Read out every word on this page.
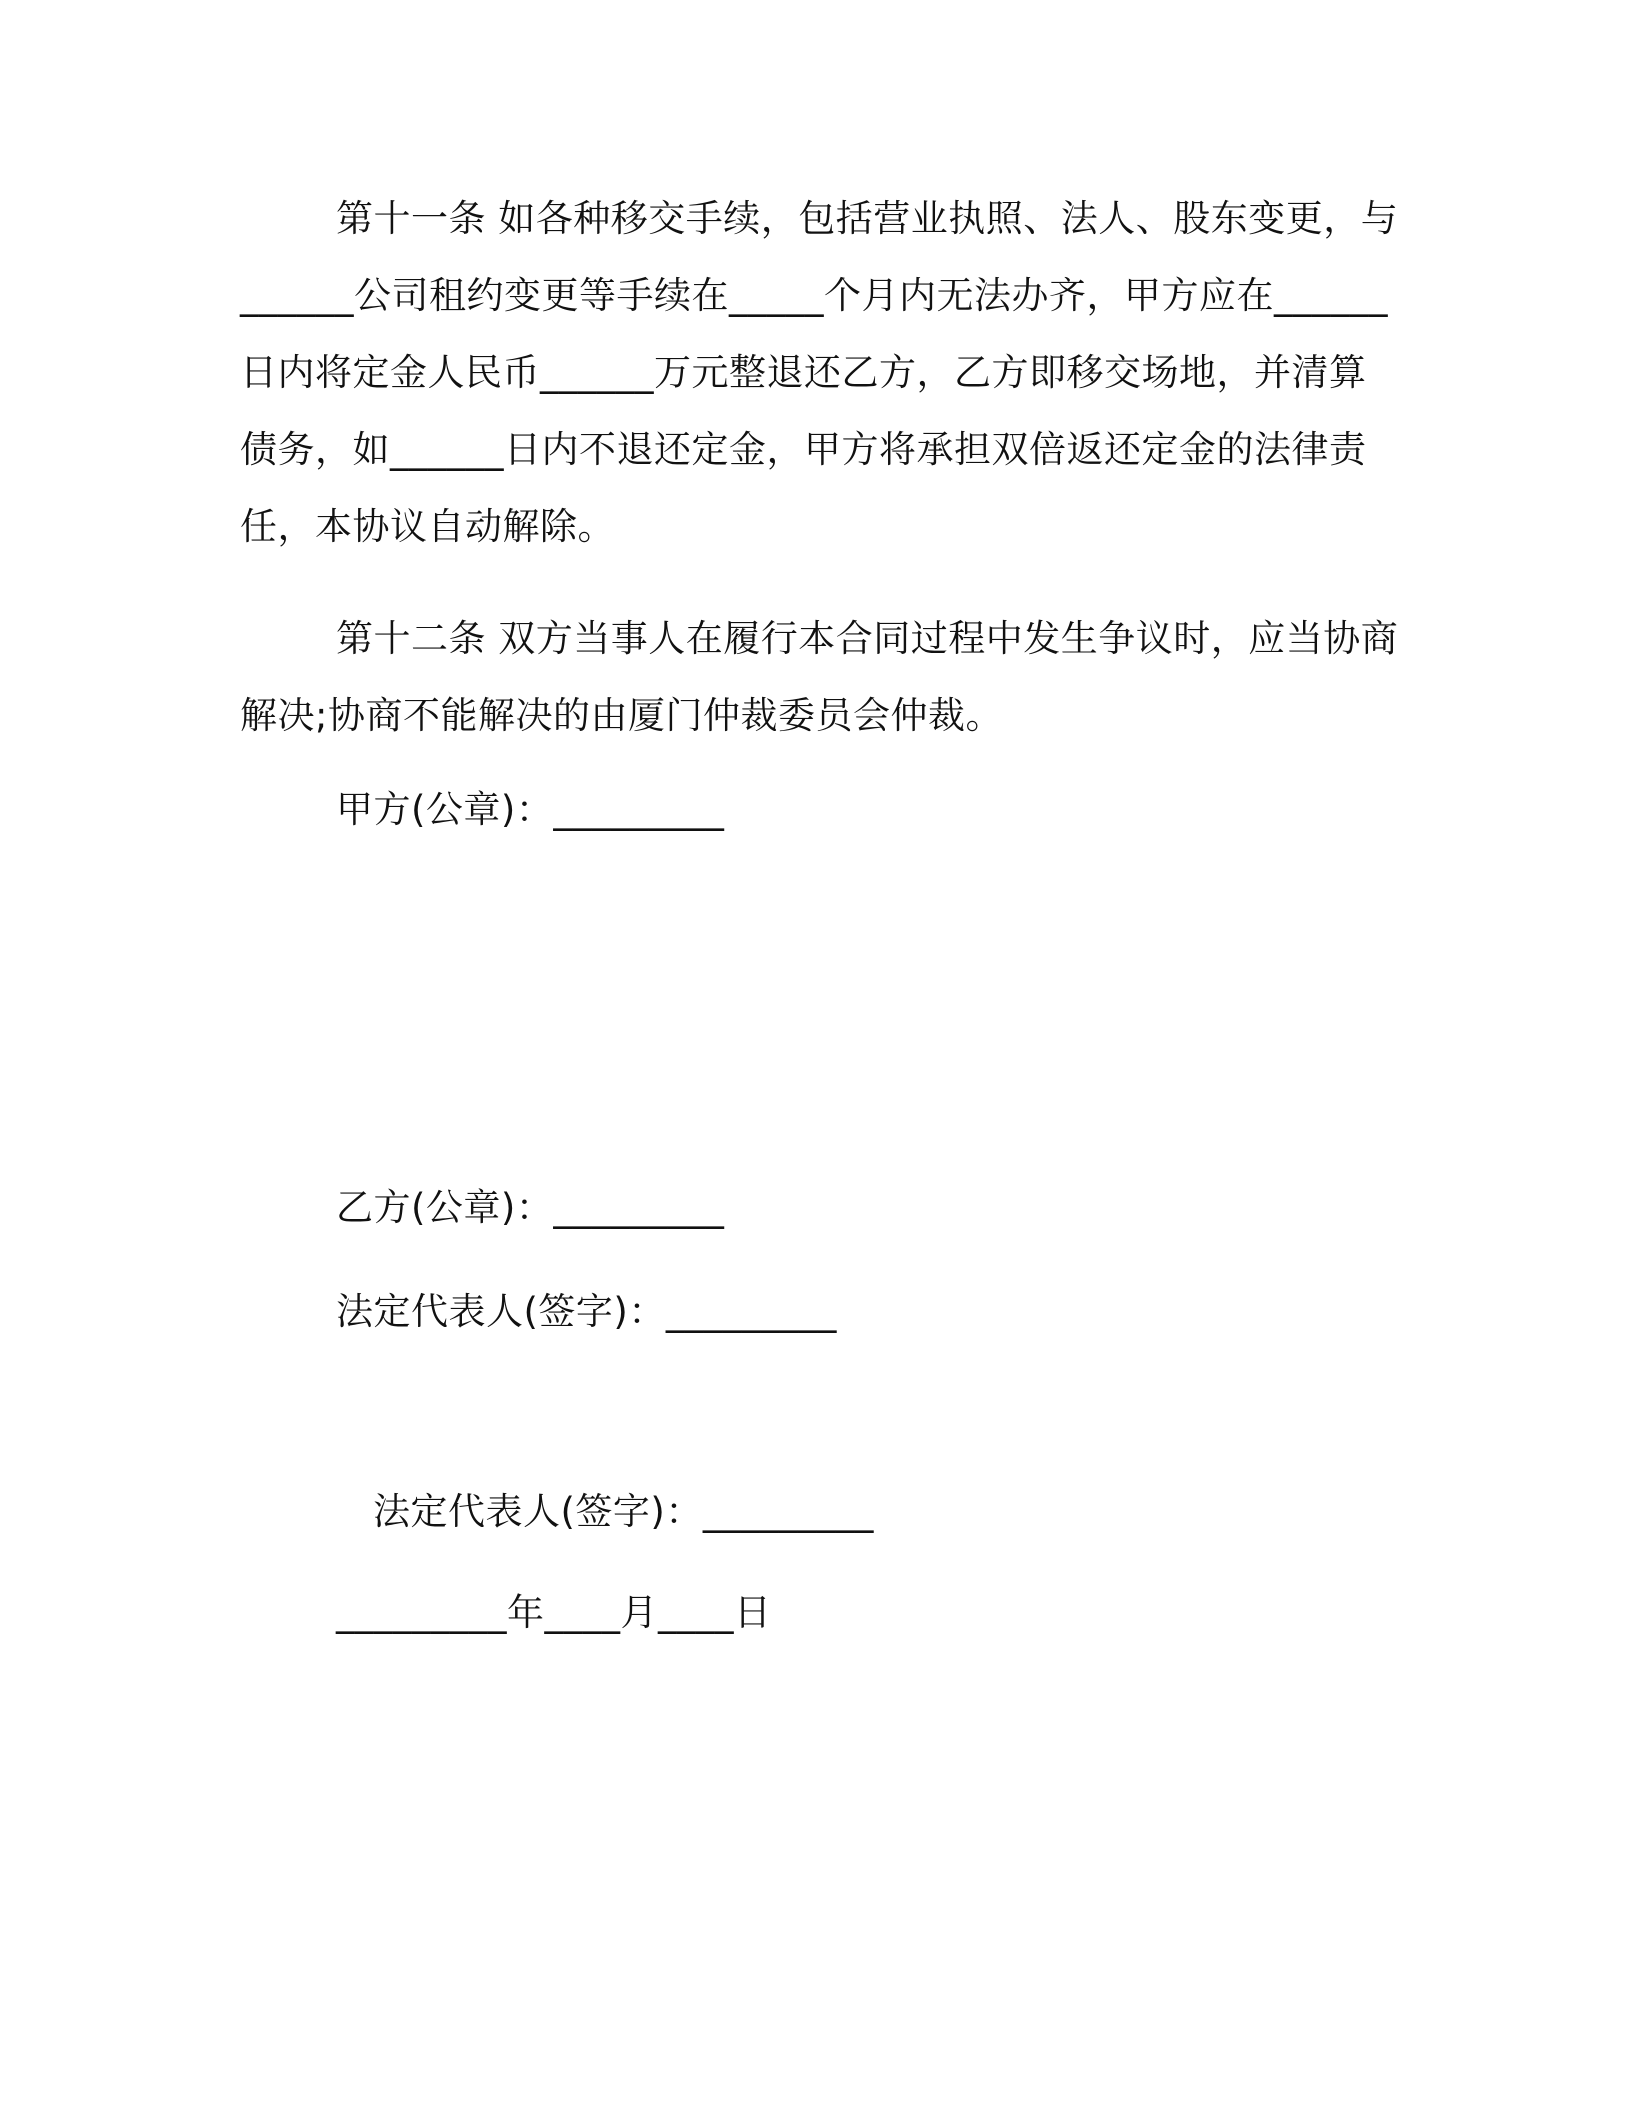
第十一条 如各种移交手续，包括营业执照、法人、股东变更，与______公司租约变更等手续在_____个月内无法办齐，甲方应在______日内将定金人民币______万元整退还乙方，乙方即移交场地，并清算债务，如______日内不退还定金，甲方将承担双倍返还定金的法律责任，本协议自动解除。

第十二条 双方当事人在履行本合同过程中发生争议时，应当协商解决;协商不能解决的由厦门仲裁委员会仲裁。

甲方(公章)：_________

乙方(公章)：_________

法定代表人(签字)：_________

法定代表人(签字)：_________

_________年____月____日
